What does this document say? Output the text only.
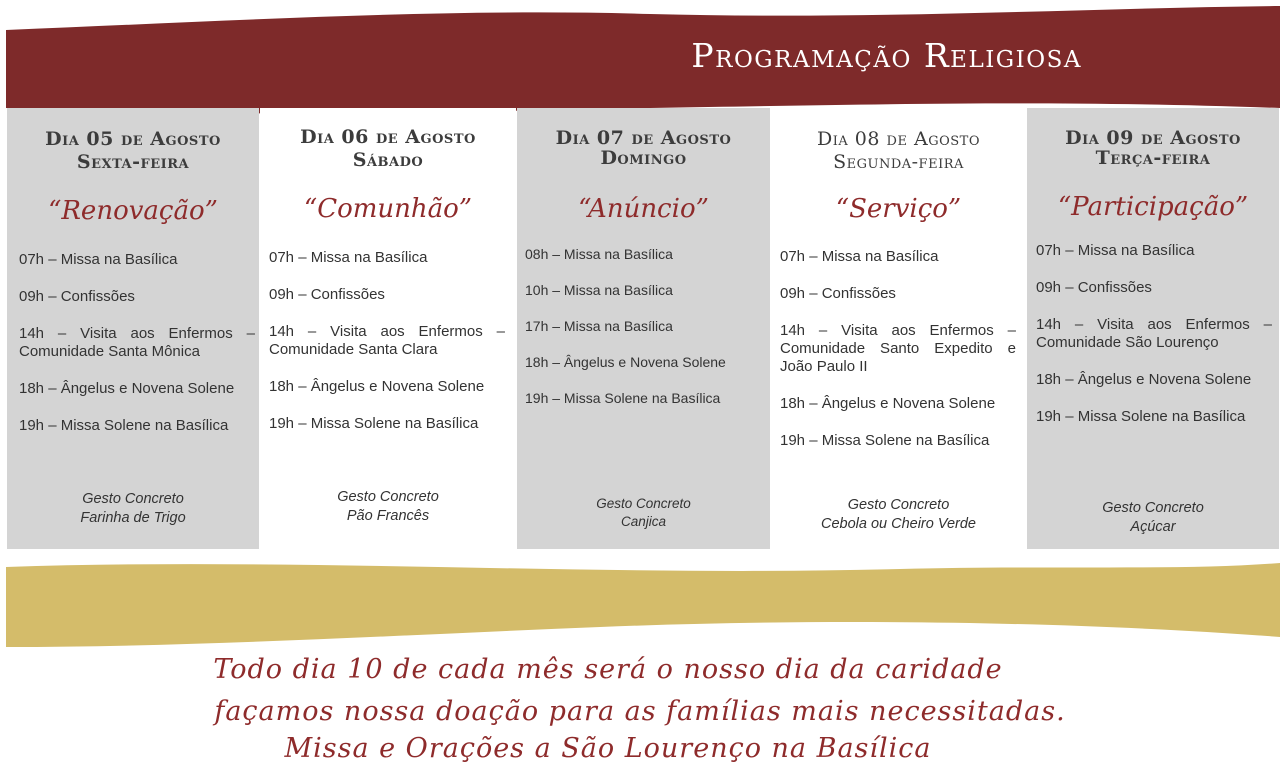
Programação Religiosa
Dia 05 de Agosto
Sexta-feira
“Renovação”
07h – Missa na Basílica
09h – Confissões
14h – Visita aos Enfermos – Comunidade Santa Mônica
18h – Ângelus e Novena Solene
19h – Missa Solene na Basílica
Gesto Concreto
Farinha de Trigo
Dia 06 de Agosto
Sábado
“Comunhão”
07h – Missa na Basílica
09h – Confissões
14h – Visita aos Enfermos – Comunidade Santa Clara
18h – Ângelus e Novena Solene
19h – Missa Solene na Basílica
Gesto Concreto
Pão Francês
Dia 07 de Agosto
Domingo
“Anúncio”
08h – Missa na Basílica
10h – Missa na Basílica
17h – Missa na Basílica
18h – Ângelus e Novena Solene
19h – Missa Solene na Basílica
Gesto Concreto
Canjica
Dia 08 de Agosto
Segunda-feira
“Serviço”
07h – Missa na Basílica
09h – Confissões
14h – Visita aos Enfermos – Comunidade Santo Expedito e João Paulo II
18h – Ângelus e Novena Solene
19h – Missa Solene na Basílica
Gesto Concreto
Cebola ou Cheiro Verde
Dia 09 de Agosto
Terça-feira
“Participação”
07h – Missa na Basílica
09h – Confissões
14h – Visita aos Enfermos – Comunidade São Lourenço
18h – Ângelus e Novena Solene
19h – Missa Solene na Basílica
Gesto Concreto
Açúcar
Todo dia 10 de cada mês será o nosso dia da caridade
façamos nossa doação para as famílias mais necessitadas.
Missa e Orações a São Lourenço na Basílica
